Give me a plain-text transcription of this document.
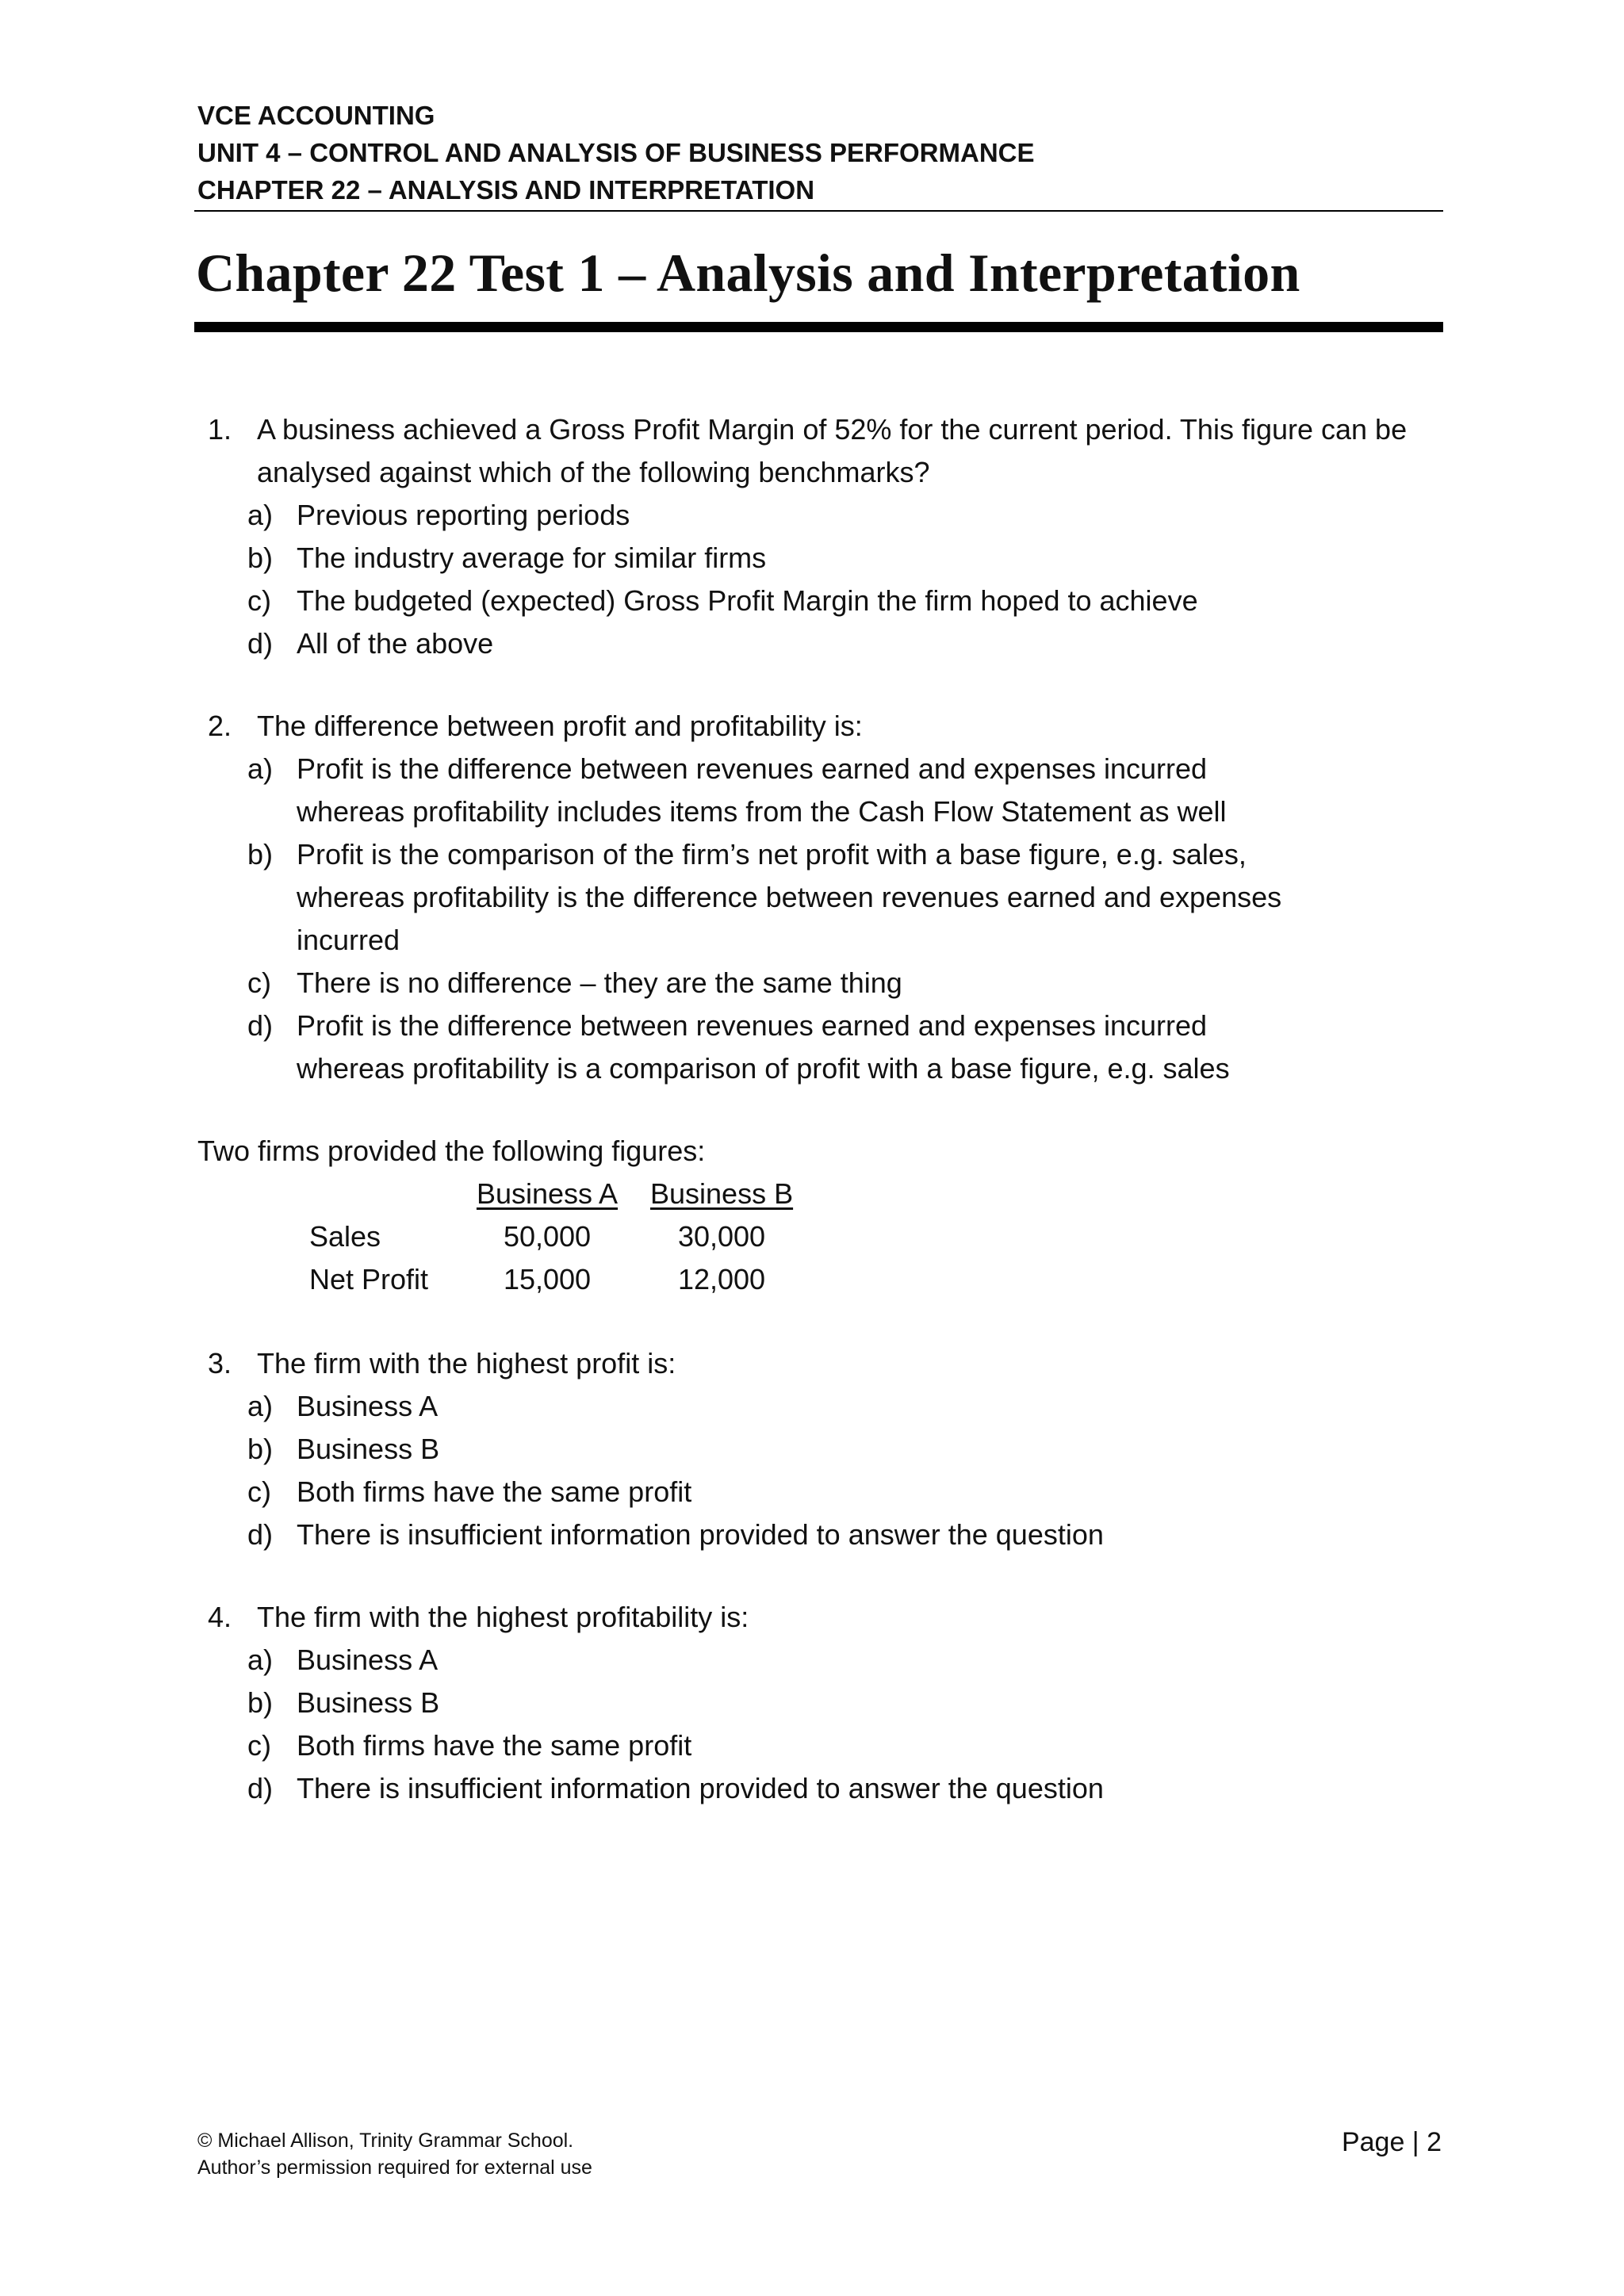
VCE ACCOUNTING
UNIT 4 – CONTROL AND ANALYSIS OF BUSINESS PERFORMANCE
CHAPTER 22 – ANALYSIS AND INTERPRETATION
Chapter 22 Test 1 – Analysis and Interpretation
1. A business achieved a Gross Profit Margin of 52% for the current period. This figure can be analysed against which of the following benchmarks?
a) Previous reporting periods
b) The industry average for similar firms
c) The budgeted (expected) Gross Profit Margin the firm hoped to achieve
d) All of the above
2. The difference between profit and profitability is:
a) Profit is the difference between revenues earned and expenses incurred whereas profitability includes items from the Cash Flow Statement as well
b) Profit is the comparison of the firm’s net profit with a base figure, e.g. sales, whereas profitability is the difference between revenues earned and expenses incurred
c) There is no difference – they are the same thing
d) Profit is the difference between revenues earned and expenses incurred whereas profitability is a comparison of profit with a base figure, e.g. sales
Two firms provided the following figures:
Business A Business B
Sales	50,000	30,000
Net Profit	15,000	12,000
3. The firm with the highest profit is:
a) Business A
b) Business B
c) Both firms have the same profit
d) There is insufficient information provided to answer the question
4. The firm with the highest profitability is:
a) Business A
b) Business B
c) Both firms have the same profit
d) There is insufficient information provided to answer the question
© Michael Allison, Trinity Grammar School.
Author’s permission required for external use
Page | 2
